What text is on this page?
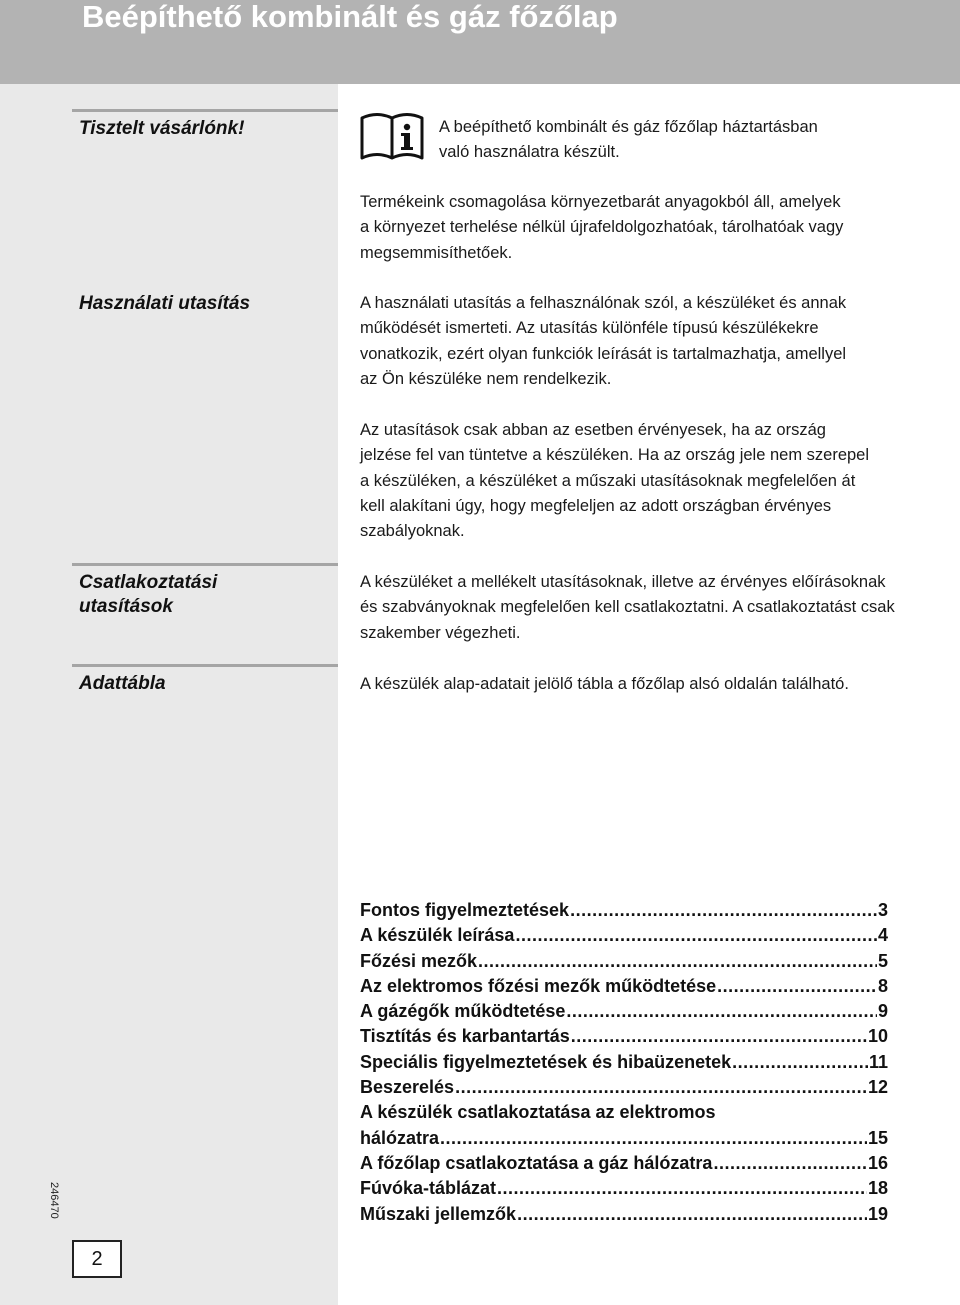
Beépíthető kombinált és gáz főzőlap
Tisztelt vásárlónk!
Használati utasítás
Csatlakoztatási
utasítások
Adattábla
246470
2

A beépíthető kombinált és gáz főzőlap háztartásban
való használatra készült.

Termékeink csomagolása környezetbarát anyagokból áll, amelyek a környezet terhelése nélkül újrafeldolgozhatóak, tárolhatóak vagy megsemmisíthetőek.

A használati utasítás a felhasználónak szól, a készüléket és annak működését ismerteti. Az utasítás különféle típusú készülékekre vonatkozik, ezért olyan funkciók leírását is tartalmazhatja, amellyel az Ön készüléke nem rendelkezik.

Az utasítások csak abban az esetben érvényesek, ha az ország jelzése fel van tüntetve a készüléken. Ha az ország jele nem szerepel a készüléken, a készüléket a műszaki utasításoknak megfelelően át kell alakítani úgy, hogy megfeleljen az adott országban érvényes szabályoknak.

A készüléket a mellékelt utasításoknak, illetve az érvényes előírásoknak és szabványoknak megfelelően kell csatlakoztatni. A csatlakoztatást csak szakember végezheti.

A készülék alap-adatait jelölő tábla a főzőlap alsó oldalán található.

Fontos figyelmeztetések .....	3
A készülék leírása .....	4
Főzési mezők .....	5
Az elektromos főzési mezők működtetése .....	8
A gázégők működtetése .....	9
Tisztítás és karbantartás .....	10
Speciális figyelmeztetések és hibaüzenetek .....	11
Beszerelés .....	12
A készülék csatlakoztatása az elektromos
hálózatra .....	15
A főzőlap csatlakoztatása a gáz hálózatra .....	16
Fúvóka-táblázat .....	18
Műszaki jellemzők .....	19
